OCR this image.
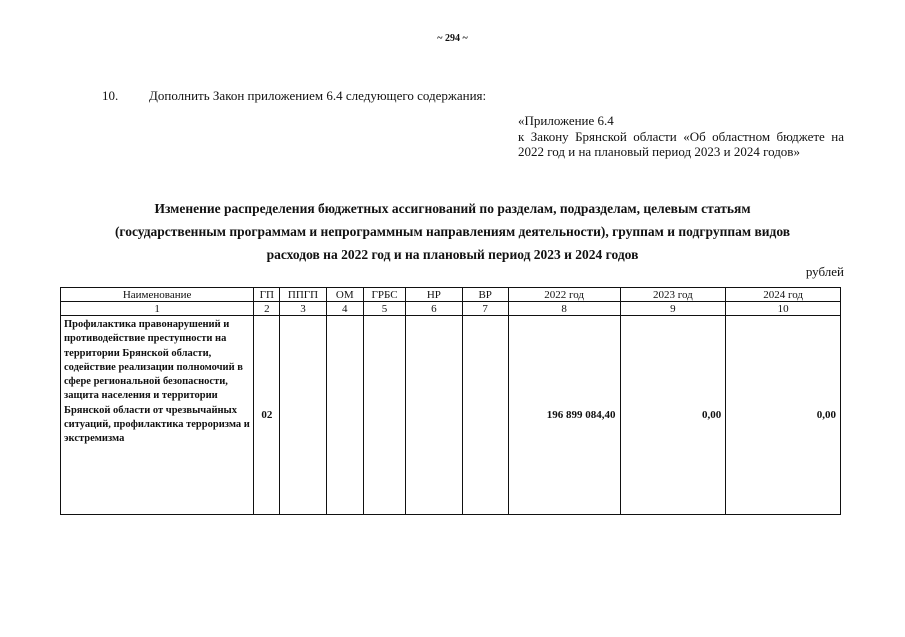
~ 294 ~
10. Дополнить Закон приложением 6.4 следующего содержания:
«Приложение 6.4
к Закону Брянской области «Об областном бюджете на 2022 год и на плановый период 2023 и 2024 годов»
Изменение распределения бюджетных ассигнований по разделам, подразделам, целевым статьям
(государственным программам и непрограммным направлениям деятельности), группам и подгруппам видов
расходов на 2022 год и на плановый период 2023 и 2024 годов
рублей
Наименование	ГП	ППГП	ОМ	ГРБС	НР	ВР	2022 год	2023 год	2024 год
1	2	3	4	5	6	7	8	9	10
Профилактика правонарушений и противодействие преступности на территории Брянской области, содействие реализации полномочий в сфере региональной безопасности, защита населения и территории Брянской области от чрезвычайных ситуаций, профилактика терроризма и экстремизма	02						196 899 084,40	0,00	0,00
